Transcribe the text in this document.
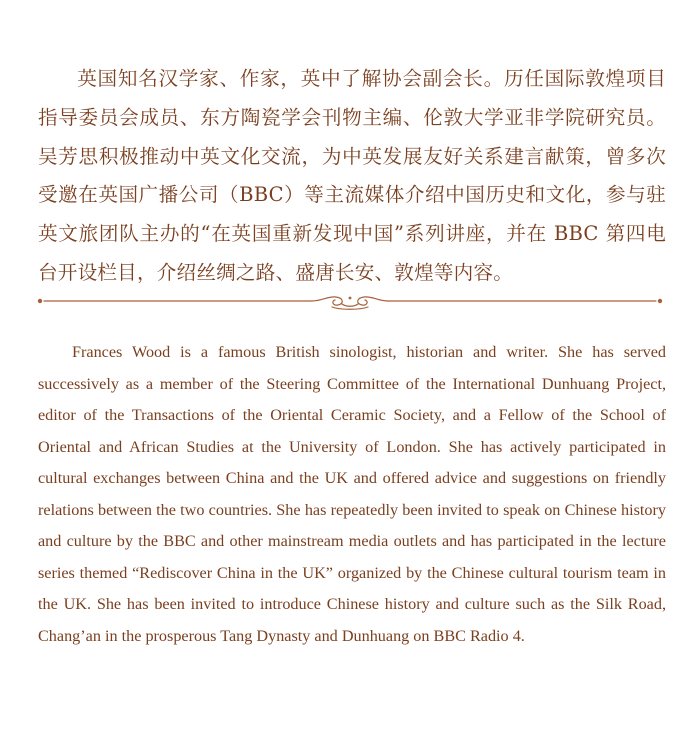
英国知名汉学家、作家，英中了解协会副会长。历任国际敦煌项目指导委员会成员、东方陶瓷学会刊物主编、伦敦大学亚非学院研究员。吴芳思积极推动中英文化交流，为中英发展友好关系建言献策，曾多次受邀在英国广播公司（BBC）等主流媒体介绍中国历史和文化，参与驻英文旅团队主办的“在英国重新发现中国”系列讲座，并在 BBC 第四电台开设栏目，介绍丝绸之路、盛唐长安、敦煌等内容。

Frances Wood is a famous British sinologist, historian and writer. She has served successively as a member of the Steering Committee of the International Dunhuang Project, editor of the Transactions of the Oriental Ceramic Society, and a Fellow of the School of Oriental and African Studies at the University of London. She has actively participated in cultural exchanges between China and the UK and offered advice and suggestions on friendly relations between the two countries. She has repeatedly been invited to speak on Chinese history and culture by the BBC and other mainstream media outlets and has participated in the lecture series themed “Rediscover China in the UK” organized by the Chinese cultural tourism team in the UK. She has been invited to introduce Chinese history and culture such as the Silk Road, Chang’an in the prosperous Tang Dynasty and Dunhuang on BBC Radio 4.
